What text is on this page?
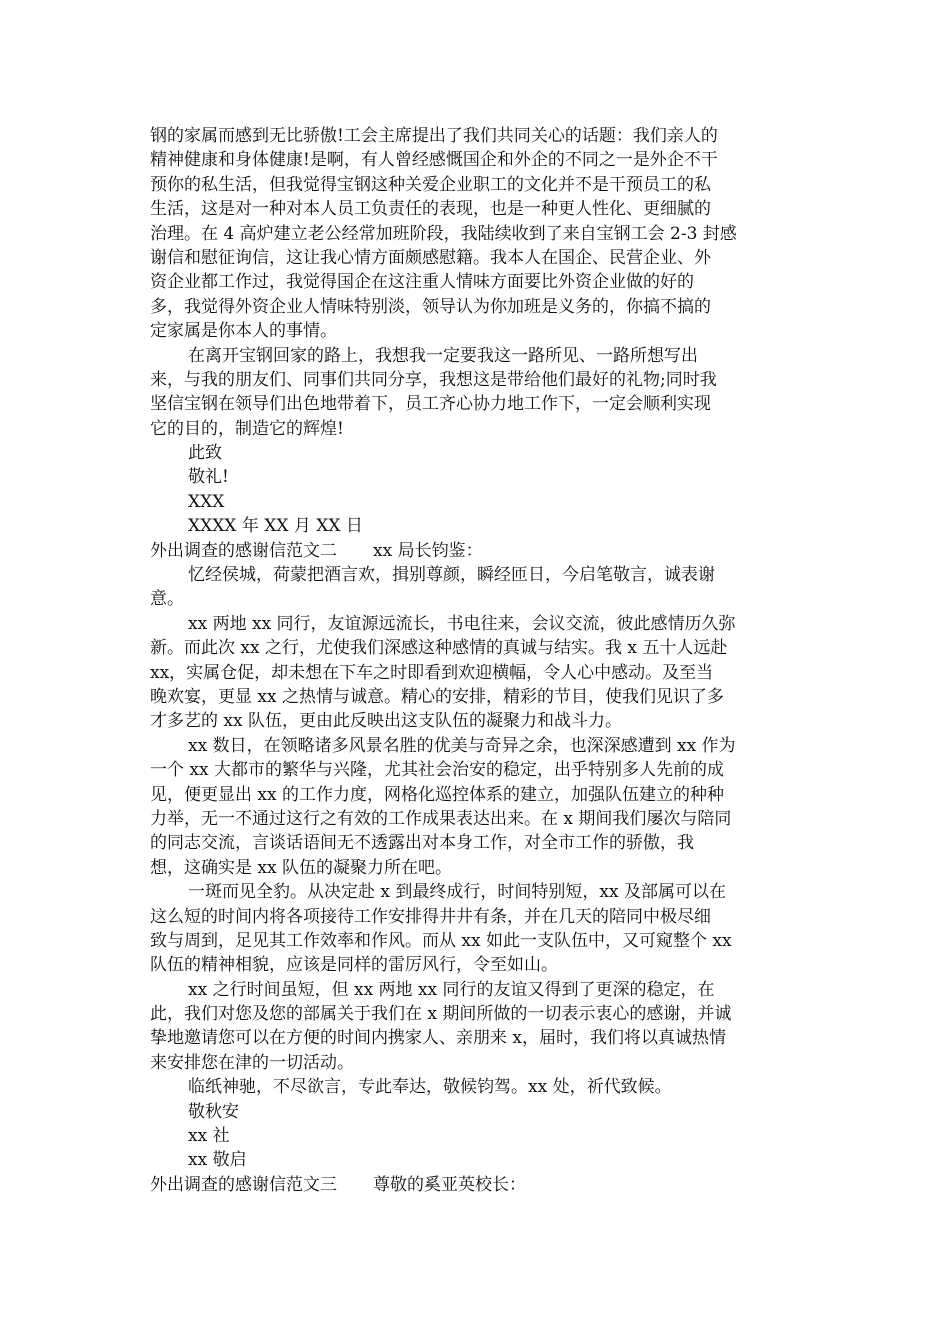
钢的家属而感到无比骄傲!工会主席提出了我们共同关心的话题：我们亲人的
精神健康和身体健康!是啊，有人曾经感慨国企和外企的不同之一是外企不干
预你的私生活，但我觉得宝钢这种关爱企业职工的文化并不是干预员工的私
生活，这是对一种对本人员工负责任的表现，也是一种更人性化、更细腻的
治理。在 4 高炉建立老公经常加班阶段，我陆续收到了来自宝钢工会 2-3 封感
谢信和慰征询信，这让我心情方面颇感慰籍。我本人在国企、民营企业、外
资企业都工作过，我觉得国企在这注重人情味方面要比外资企业做的好的
多，我觉得外资企业人情味特别淡，领导认为你加班是义务的，你搞不搞的
定家属是你本人的事情。
在离开宝钢回家的路上，我想我一定要我这一路所见、一路所想写出
来，与我的朋友们、同事们共同分享，我想这是带给他们最好的礼物;同时我
坚信宝钢在领导们出色地带着下，员工齐心协力地工作下，一定会顺利实现
它的目的，制造它的辉煌!
此致
敬礼!
XXX
XXXX 年 XX 月 XX 日
外出调查的感谢信范文二 xx 局长钧鉴：
忆经侯城，荷蒙把酒言欢，揖别尊颜，瞬经匝日，今启笔敬言，诚表谢
意。
xx 两地 xx 同行，友谊源远流长，书电往来，会议交流，彼此感情历久弥
新。而此次 xx 之行，尤使我们深感这种感情的真诚与结实。我 x 五十人远赴
xx，实属仓促，却未想在下车之时即看到欢迎横幅，令人心中感动。及至当
晚欢宴，更显 xx 之热情与诚意。精心的安排，精彩的节目，使我们见识了多
才多艺的 xx 队伍，更由此反映出这支队伍的凝聚力和战斗力。
xx 数日，在领略诸多风景名胜的优美与奇异之余，也深深感遭到 xx 作为
一个 xx 大都市的繁华与兴隆，尤其社会治安的稳定，出乎特别多人先前的成
见，便更显出 xx 的工作力度，网格化巡控体系的建立，加强队伍建立的种种
力举，无一不通过这行之有效的工作成果表达出来。在 x 期间我们屡次与陪同
的同志交流，言谈话语间无不透露出对本身工作，对全市工作的骄傲，我
想，这确实是 xx 队伍的凝聚力所在吧。
一斑而见全豹。从决定赴 x 到最终成行，时间特别短，xx 及部属可以在
这么短的时间内将各项接待工作安排得井井有条，并在几天的陪同中极尽细
致与周到，足见其工作效率和作风。而从 xx 如此一支队伍中，又可窥整个 xx
队伍的精神相貌，应该是同样的雷厉风行，令至如山。
xx 之行时间虽短，但 xx 两地 xx 同行的友谊又得到了更深的稳定，在
此，我们对您及您的部属关于我们在 x 期间所做的一切表示衷心的感谢，并诚
挚地邀请您可以在方便的时间内携家人、亲朋来 x，届时，我们将以真诚热情
来安排您在津的一切活动。
临纸神驰，不尽欲言，专此奉达，敬候钧驾。xx 处，祈代致候。
敬秋安
xx 社
xx 敬启
外出调查的感谢信范文三 尊敬的奚亚英校长：
